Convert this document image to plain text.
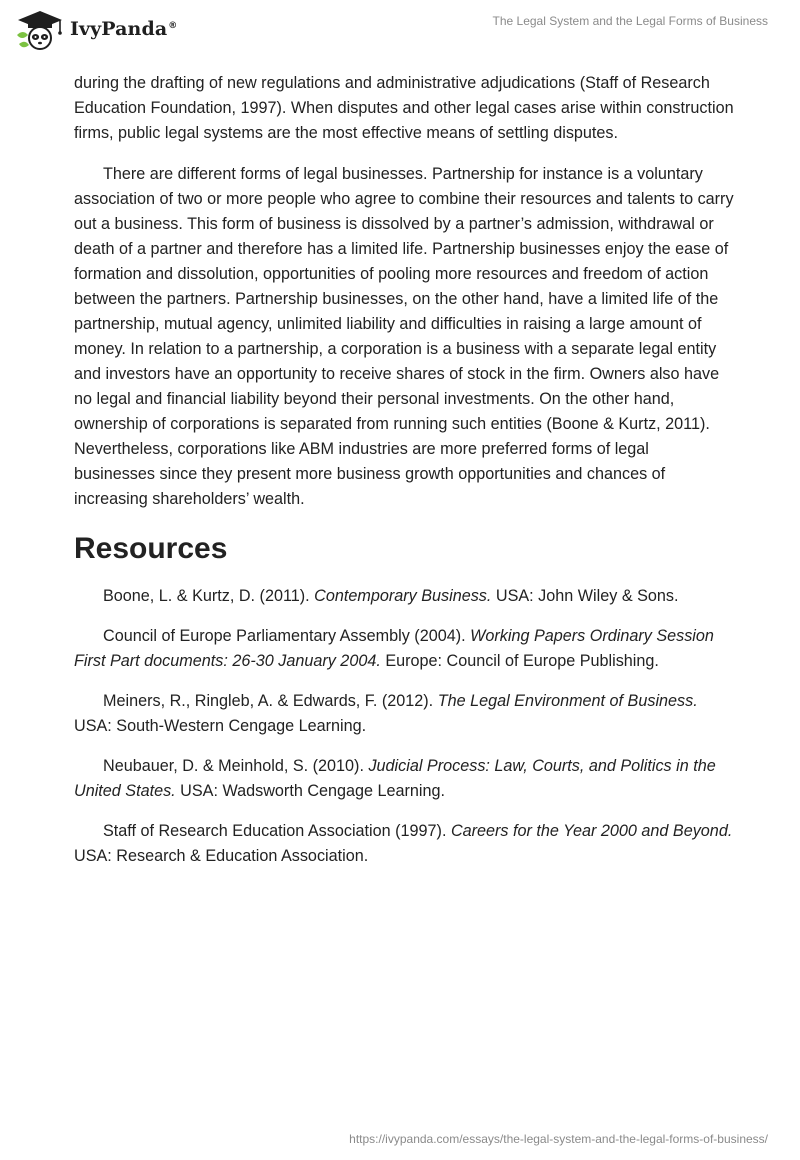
IvyPanda®	The Legal System and the Legal Forms of Business

during the drafting of new regulations and administrative adjudications (Staff of Research Education Foundation, 1997). When disputes and other legal cases arise within construction firms, public legal systems are the most effective means of settling disputes.

There are different forms of legal businesses. Partnership for instance is a voluntary association of two or more people who agree to combine their resources and talents to carry out a business. This form of business is dissolved by a partner’s admission, withdrawal or death of a partner and therefore has a limited life. Partnership businesses enjoy the ease of formation and dissolution, opportunities of pooling more resources and freedom of action between the partners. Partnership businesses, on the other hand, have a limited life of the partnership, mutual agency, unlimited liability and difficulties in raising a large amount of money. In relation to a partnership, a corporation is a business with a separate legal entity and investors have an opportunity to receive shares of stock in the firm. Owners also have no legal and financial liability beyond their personal investments. On the other hand, ownership of corporations is separated from running such entities (Boone & Kurtz, 2011). Nevertheless, corporations like ABM industries are more preferred forms of legal businesses since they present more business growth opportunities and chances of increasing shareholders’ wealth.

Resources

Boone, L. & Kurtz, D. (2011). Contemporary Business. USA: John Wiley & Sons.

Council of Europe Parliamentary Assembly (2004). Working Papers Ordinary Session First Part documents: 26-30 January 2004. Europe: Council of Europe Publishing.

Meiners, R., Ringleb, A. & Edwards, F. (2012). The Legal Environment of Business. USA: South-Western Cengage Learning.

Neubauer, D. & Meinhold, S. (2010). Judicial Process: Law, Courts, and Politics in the United States. USA: Wadsworth Cengage Learning.

Staff of Research Education Association (1997). Careers for the Year 2000 and Beyond. USA: Research & Education Association.

https://ivypanda.com/essays/the-legal-system-and-the-legal-forms-of-business/
